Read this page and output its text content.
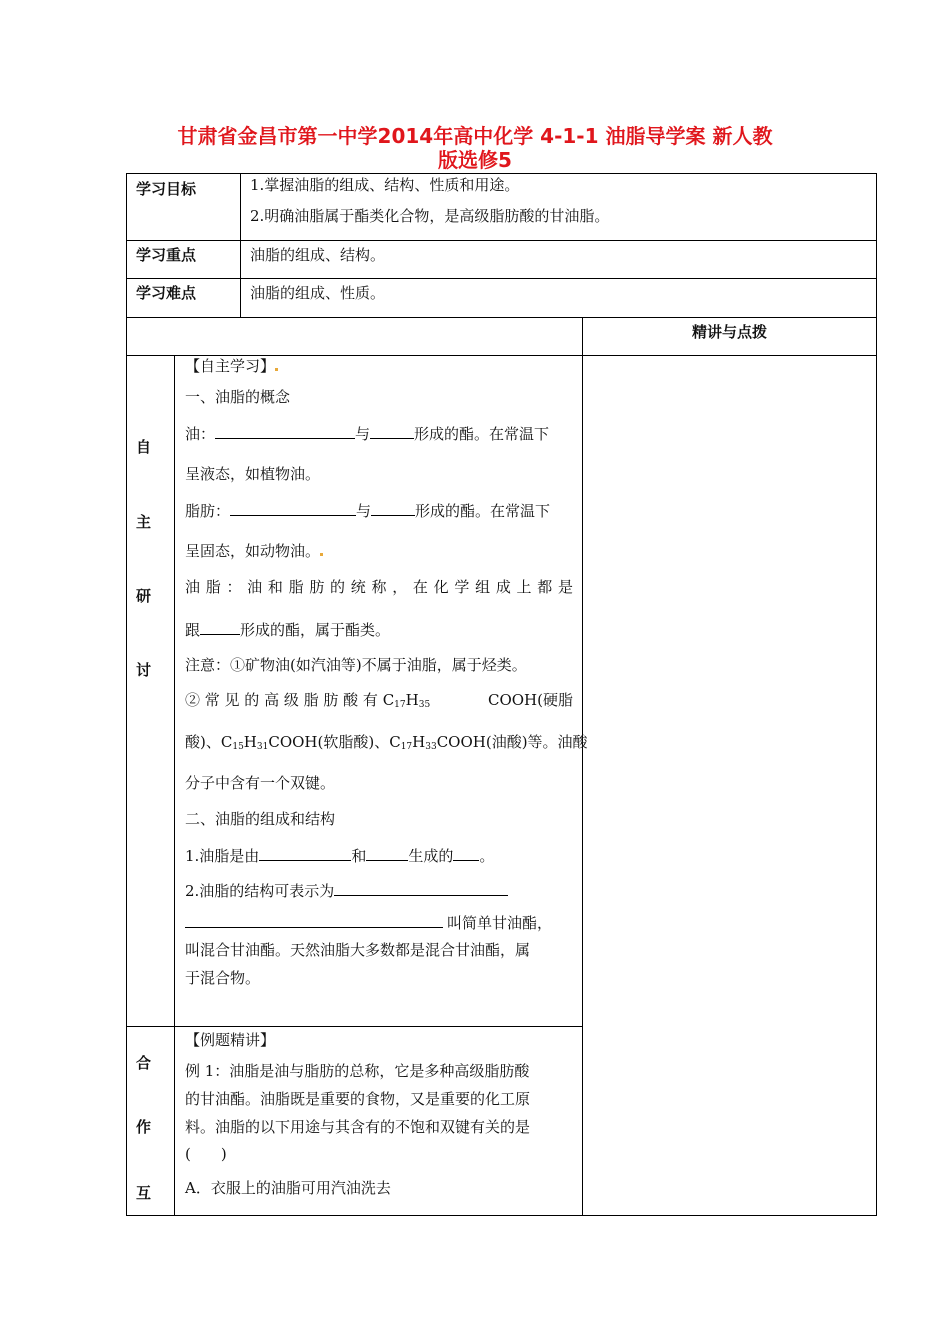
甘肃省金昌市第一中学2014年高中化学 4-1-1 油脂导学案 新人教
版选修5
学习目标	1.掌握油脂的组成、结构、性质和用途。
2.明确油脂属于酯类化合物，是高级脂肪酸的甘油脂。
学习重点	油脂的组成、结构。
学习难点	油脂的组成、性质。
精讲与点拨
自
主
研
讨
【自主学习】
一、油脂的概念
油：	与	形成的酯。在常温下
呈液态，如植物油。
脂肪：	与	形成的酯。在常温下
呈固态，如动物油。
油脂：油和脂肪的统称，在化学组成上都是
跟	形成的酯，属于酯类。
注意：①矿物油(如汽油等)不属于油脂，属于烃类。
② 常 见 的 高 级 脂 肪 酸 有 $C_{17}H_{35}$	COOH(硬脂
酸)、$C_{15}H_{31}COOH$(软脂酸)、$C_{17}H_{33}COOH$(油酸)等。油酸
分子中含有一个双键。
二、油脂的组成和结构
1.油脂是由	和	生成的 。
2.油脂的结构可表示为
叫简单甘油酯，
叫混合甘油酯。天然油脂大多数都是混合甘油酯，属
于混合物。
合
作
互
【例题精讲】
例 1：油脂是油与脂肪的总称，它是多种高级脂肪酸
的甘油酯。油脂既是重要的食物，又是重要的化工原
料。油脂的以下用途与其含有的不饱和双键有关的是
(　　)
A．衣服上的油脂可用汽油洗去
